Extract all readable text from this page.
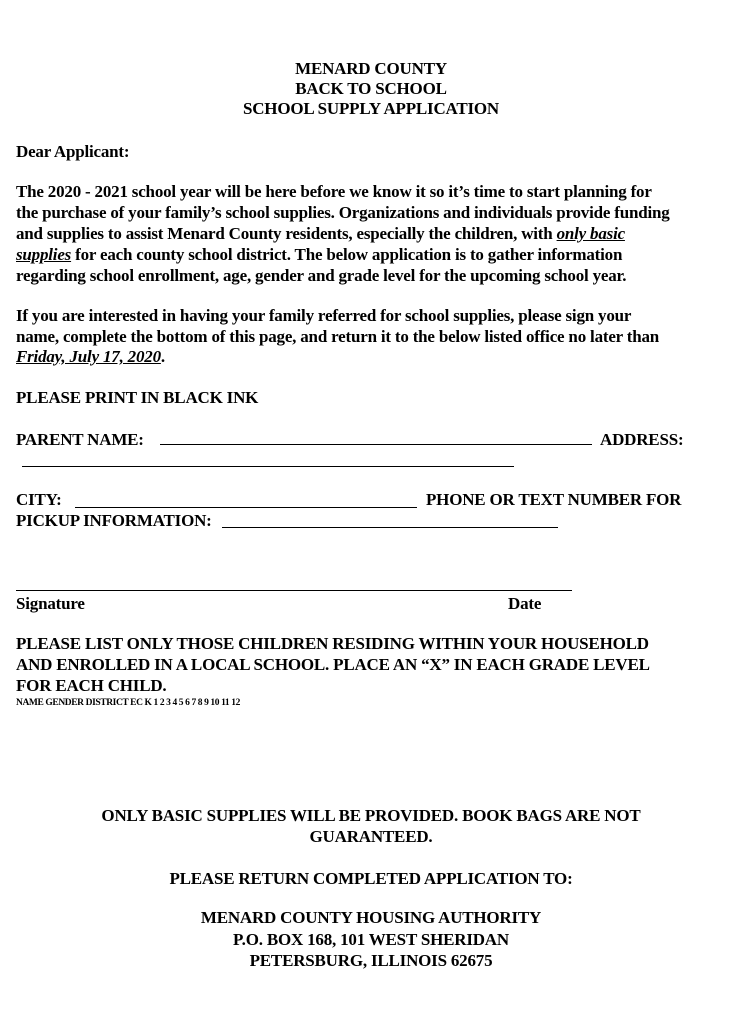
MENARD COUNTY
BACK TO SCHOOL
SCHOOL SUPPLY APPLICATION
Dear Applicant:
The 2020 - 2021 school year will be here before we know it so it’s time to start planning for
the purchase of your family’s school supplies. Organizations and individuals provide funding
and supplies to assist Menard County residents, especially the children, with only basic
supplies for each county school district. The below application is to gather information
regarding school enrollment, age, gender and grade level for the upcoming school year.
If you are interested in having your family referred for school supplies, please sign your
name, complete the bottom of this page, and return it to the below listed office no later than
Friday, July 17, 2020.
PLEASE PRINT IN BLACK INK
PARENT NAME:	ADDRESS:
CITY:	PHONE OR TEXT NUMBER FOR
PICKUP INFORMATION:
Signature	Date
PLEASE LIST ONLY THOSE CHILDREN RESIDING WITHIN YOUR HOUSEHOLD
AND ENROLLED IN A LOCAL SCHOOL. PLACE AN “X” IN EACH GRADE LEVEL
FOR EACH CHILD.
NAME GENDER DISTRICT EC K 1 2 3 4 5 6 7 8 9 10 11 12
ONLY BASIC SUPPLIES WILL BE PROVIDED. BOOK BAGS ARE NOT
GUARANTEED.
PLEASE RETURN COMPLETED APPLICATION TO:
MENARD COUNTY HOUSING AUTHORITY
P.O. BOX 168, 101 WEST SHERIDAN
PETERSBURG, ILLINOIS 62675
